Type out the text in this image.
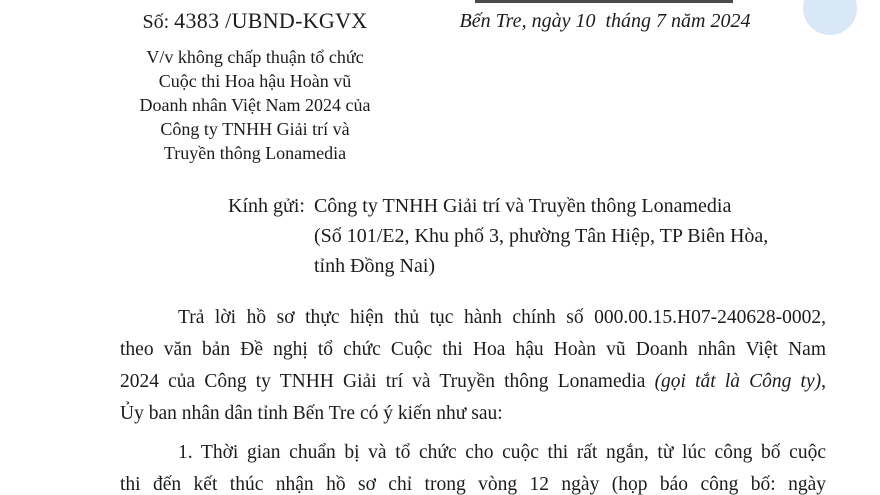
Số: 4383 /UBND-KGVX
V/v không chấp thuận tổ chức
Cuộc thi Hoa hậu Hoàn vũ
Doanh nhân Việt Nam 2024 của
Công ty TNHH Giải trí và
Truyền thông Lonamedia
Bến Tre, ngày 10  tháng 7 năm 2024
Kính gửi: Công ty TNHH Giải trí và Truyền thông Lonamedia
(Số 101/E2, Khu phố 3, phường Tân Hiệp, TP Biên Hòa,
tỉnh Đồng Nai)
Trả lời hồ sơ thực hiện thủ tục hành chính số 000.00.15.H07-240628-0002,
theo văn bản Đề nghị tổ chức Cuộc thi Hoa hậu Hoàn vũ Doanh nhân Việt Nam
2024 của Công ty TNHH Giải trí và Truyền thông Lonamedia (gọi tắt là Công ty),
Ủy ban nhân dân tỉnh Bến Tre có ý kiến như sau:
1. Thời gian chuẩn bị và tổ chức cho cuộc thi rất ngắn, từ lúc công bố cuộc
thi đến kết thúc nhận hồ sơ chỉ trong vòng 12 ngày (họp báo công bố: ngày
